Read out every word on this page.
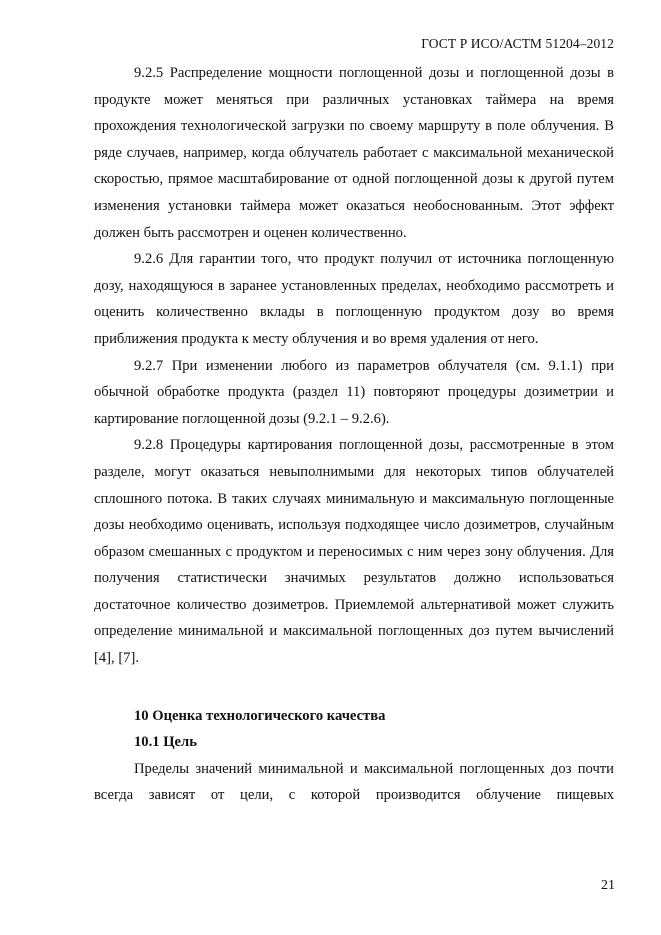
ГОСТ Р ИСО/АСТМ 51204–2012

9.2.5 Распределение мощности поглощенной дозы и поглощенной дозы в продукте может меняться при различных установках таймера на время прохождения технологической загрузки по своему маршруту в поле облучения. В ряде случаев, например, когда облучатель работает с максимальной механической скоростью, прямое масштабирование от одной поглощенной дозы к другой путем изменения установки таймера может оказаться необоснованным. Этот эффект должен быть рассмотрен и оценен количественно.

9.2.6 Для гарантии того, что продукт получил от источника поглощенную дозу, находящуюся в заранее установленных пределах, необходимо рассмотреть и оценить количественно вклады в поглощенную продуктом дозу во время приближения продукта к месту облучения и во время удаления от него.

9.2.7 При изменении любого из параметров облучателя (см. 9.1.1) при обычной обработке продукта (раздел 11) повторяют процедуры дозиметрии и картирование поглощенной дозы (9.2.1 – 9.2.6).

9.2.8 Процедуры картирования поглощенной дозы, рассмотренные в этом разделе, могут оказаться невыполнимыми для некоторых типов облучателей сплошного потока. В таких случаях минимальную и максимальную поглощенные дозы необходимо оценивать, используя подходящее число дозиметров, случайным образом смешанных с продуктом и переносимых с ним через зону облучения. Для получения статистически значимых результатов должно использоваться достаточное количество дозиметров. Приемлемой альтернативой может служить определение минимальной и максимальной поглощенных доз путем вычислений [4], [7].

10 Оценка технологического качества

10.1 Цель

Пределы значений минимальной и максимальной поглощенных доз почти всегда зависят от цели, с которой производится облучение пищевых

21
